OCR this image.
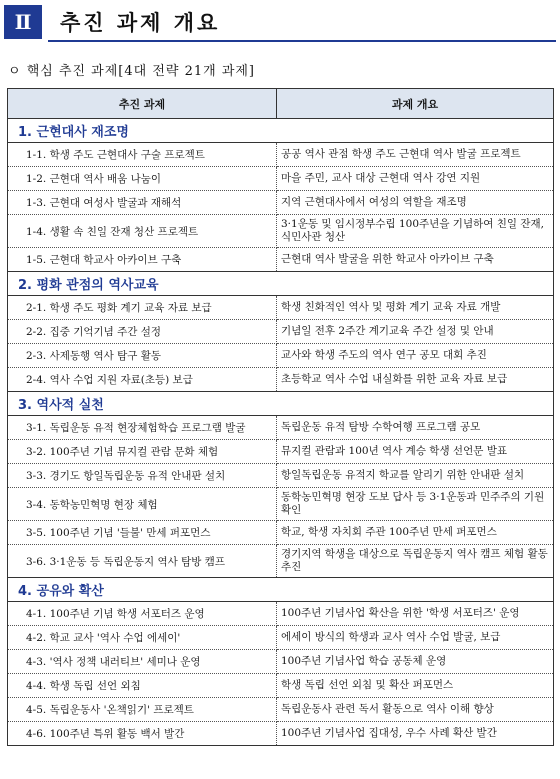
Ⅱ	추진 과제 개요
ㅇ 핵심 추진 과제[4대 전략 21개 과제]
추진 과제	과제 개요
1. 근현대사 재조명	
1-1. 학생 주도 근현대사 구술 프로젝트	공공 역사 관점 학생 주도 근현대 역사 발굴 프로젝트
1-2. 근현대 역사 배움 나눔이	마을 주민, 교사 대상 근현대 역사 강연 지원
1-3. 근현대 여성사 발굴과 재해석	지역 근현대사에서 여성의 역할을 재조명
1-4. 생활 속 친일 잔재 청산 프로젝트	3·1운동 및 임시정부수립 100주년을 기념하여 친일 잔재, 식민사관 청산
1-5. 근현대 학교사 아카이브 구축	근현대 역사 발굴을 위한 학교사 아카이브 구축
2. 평화 관점의 역사교육	
2-1. 학생 주도 평화 계기 교육 자료 보급	학생 친화적인 역사 및 평화 계기 교육 자료 개발
2-2. 집중 기억기념 주간 설정	기념일 전후 2주간 계기교육 주간 설정 및 안내
2-3. 사제동행 역사 탐구 활동	교사와 학생 주도의 역사 연구 공모 대회 추진
2-4. 역사 수업 지원 자료(초등) 보급	초등학교 역사 수업 내실화를 위한 교육 자료 보급
3. 역사적 실천	
3-1. 독립운동 유적 현장체험학습 프로그램 발굴	독립운동 유적 탐방 수학여행 프로그램 공모
3-2. 100주년 기념 뮤지컬 관람 문화 체험	뮤지컬 관람과 100년 역사 계승 학생 선언문 발표
3-3. 경기도 항일독립운동 유적 안내판 설치	항일독립운동 유적지 학교를 알리기 위한 안내판 설치
3-4. 동학농민혁명 현장 체험	동학농민혁명 현장 도보 답사 등 3·1운동과 민주주의 기원 확인
3-5. 100주년 기념 '들불' 만세 퍼포먼스	학교, 학생 자치회 주관 100주년 만세 퍼포먼스
3-6. 3·1운동 등 독립운동지 역사 탐방 캠프	경기지역 학생을 대상으로 독립운동지 역사 캠프 체험 활동 추진
4. 공유와 확산	
4-1. 100주년 기념 학생 서포터즈 운영	100주년 기념사업 확산을 위한 '학생 서포터즈' 운영
4-2. 학교 교사 '역사 수업 에세이'	에세이 방식의 학생과 교사 역사 수업 발굴, 보급
4-3. '역사 정책 내러티브' 세미나 운영	100주년 기념사업 학습 공동체 운영
4-4. 학생 독립 선언 외침	학생 독립 선언 외침 및 확산 퍼포먼스
4-5. 독립운동사 '온책읽기' 프로젝트	독립운동사 관련 독서 활동으로 역사 이해 향상
4-6. 100주년 특위 활동 백서 발간	100주년 기념사업 집대성, 우수 사례 확산 발간
